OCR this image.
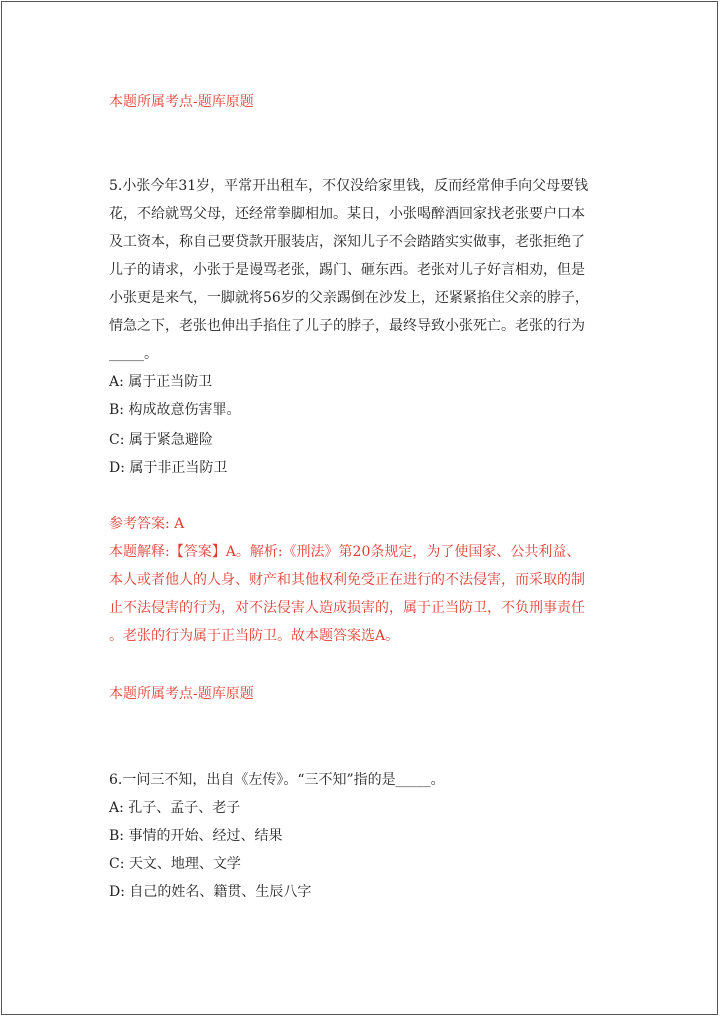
本题所属考点-题库原题
5.小张今年31岁，平常开出租车，不仅没给家里钱，反而经常伸手向父母要钱
花，不给就骂父母，还经常拳脚相加。某日，小张喝醉酒回家找老张要户口本
及工资本，称自己要贷款开服装店，深知儿子不会踏踏实实做事，老张拒绝了
儿子的请求，小张于是谩骂老张，踢门、砸东西。老张对儿子好言相劝，但是
小张更是来气，一脚就将56岁的父亲踢倒在沙发上，还紧紧掐住父亲的脖子，
情急之下，老张也伸出手掐住了儿子的脖子，最终导致小张死亡。老张的行为
_____。
A: 属于正当防卫
B: 构成故意伤害罪。
C: 属于紧急避险
D: 属于非正当防卫
参考答案: A
本题解释:【答案】A。解析:《刑法》第20条规定，为了使国家、公共利益、
本人或者他人的人身、财产和其他权利免受正在进行的不法侵害，而采取的制
止不法侵害的行为，对不法侵害人造成损害的，属于正当防卫，不负刑事责任
。老张的行为属于正当防卫。故本题答案选A。
本题所属考点-题库原题
6.一问三不知，出自《左传》。“三不知”指的是_____。
A: 孔子、孟子、老子
B: 事情的开始、经过、结果
C: 天文、地理、文学
D: 自己的姓名、籍贯、生辰八字
